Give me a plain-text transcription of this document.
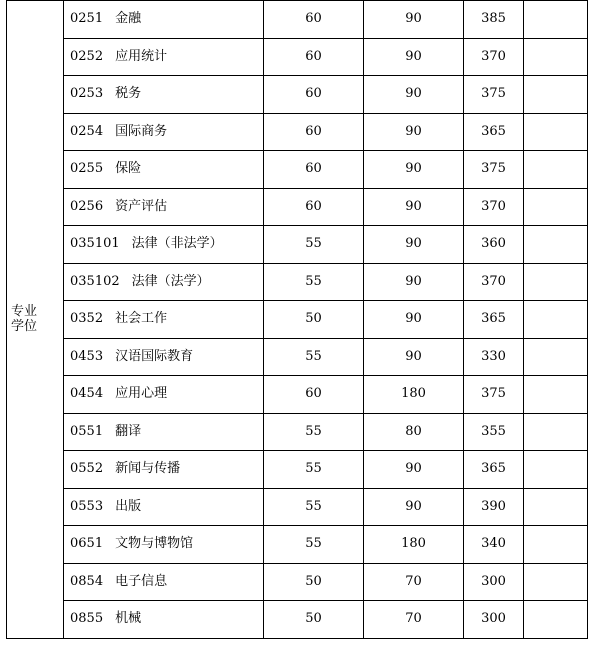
专业
学位	0251 金融	60	90	385	
	0252 应用统计	60	90	370	
	0253 税务	60	90	375	
	0254 国际商务	60	90	365	
	0255 保险	60	90	375	
	0256 资产评估	60	90	370	
	035101 法律（非法学）	55	90	360	
	035102 法律（法学）	55	90	370	
	0352 社会工作	50	90	365	
	0453 汉语国际教育	55	90	330	
	0454 应用心理	60	180	375	
	0551 翻译	55	80	355	
	0552 新闻与传播	55	90	365	
	0553 出版	55	90	390	
	0651 文物与博物馆	55	180	340	
	0854 电子信息	50	70	300	
	0855 机械	50	70	300	
